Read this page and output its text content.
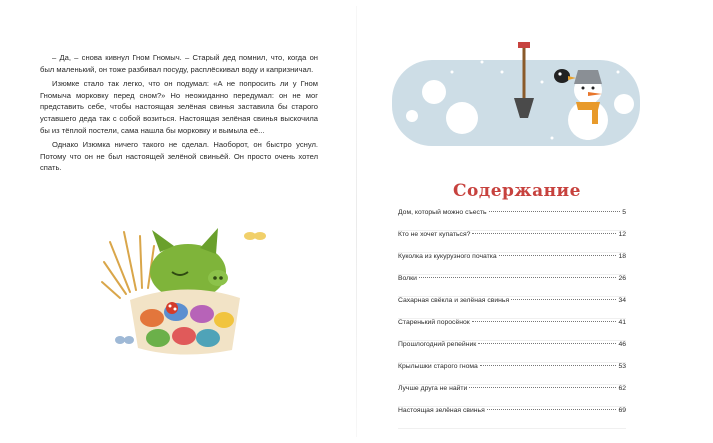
– Да, – снова кивнул Гном Гномыч. – Старый дед помнил, что, когда он был маленький, он тоже разбивал посуду, расплёскивал воду и капризничал.

Изюмке стало так легко, что он подумал: «А не попросить ли у Гном Гномыча морковку перед сном?» Но неожиданно передумал: он не мог представить себе, чтобы настоящая зелёная свинья заставила бы старого уставшего деда так с собой возиться. Настоящая зелёная свинья выскочила бы из тёплой постели, сама нашла бы морковку и вымыла её...

Однако Изюмка ничего такого не сделал. Наоборот, он быстро уснул. Потому что он не был настоящей зелёной свиньёй. Он просто очень хотел спать.

Содержание
Дом, который можно съесть	5
Кто не хочет купаться?	12
Куколка из кукурузного початка	18
Волки	26
Сахарная свёкла и зелёная свинья	34
Старенький поросёнок	41
Прошлогодний репейник	46
Крылышки старого гнома	53
Лучше друга не найти	62
Настоящая зелёная свинья	69
